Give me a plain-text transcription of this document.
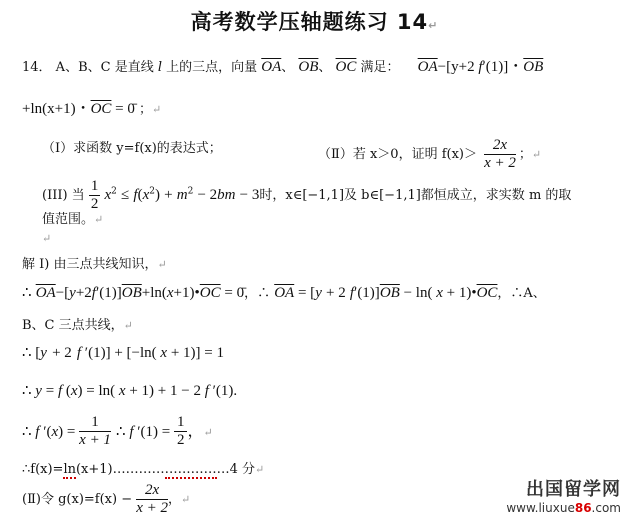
高考数学压轴题练习 14↵
14． A、B、C 是直线 l 上的三点，向量 $\overline{OA}$、 $\overline{OB}$、 $\overline{OC}$ 满足： $\overline{OA}-[y+2$ f′(1)]・$\overline{OB}$
+ln(x+1)・$\overline{OC}$ = 0̄ ；↵
（Ⅰ）求函数 y=f(x)的表达式；	（Ⅱ）若 x＞0，证明 $f(x)> \frac{2x}{x + 2}$ ；↵
(III) 当 $\frac{1}{2} x^2 \le f(x^2) + m^2 - 2bm - 3$时，x∈[−1,1]及 b∈[−1,1]都恒成立，求实数 m 的取
值范围。↵
↵
解 I) 由三点共线知识，↵
∴ $\overline{OA}-[y+2f'(1)]\overline{OB}+\ln(x+1)•\overline{OC}$ = 0̄，∴ $\overline{OA} = [y + 2$ $f'(1)]\overline{OB} - \ln$( $x + 1)•\overline{OC}$，∴A、
B、C 三点共线，↵
∴ [y + 2 f ′(1)] + [−ln( x + 1)] = 1
∴ y = f (x) = ln( x + 1) + 1 − 2 f ′(1).
∴ f $'(x) = \frac{1}{x + 1}$ ∴ f $'(1) = \frac{1}{2}$ ，↵
∴f(x)=ln(x+1)………………………4 分↵
(Ⅱ)令 $g(x)=f(x) - \frac{2x}{x + 2}$ ，↵	出国留学网
www.liuxue86.com
